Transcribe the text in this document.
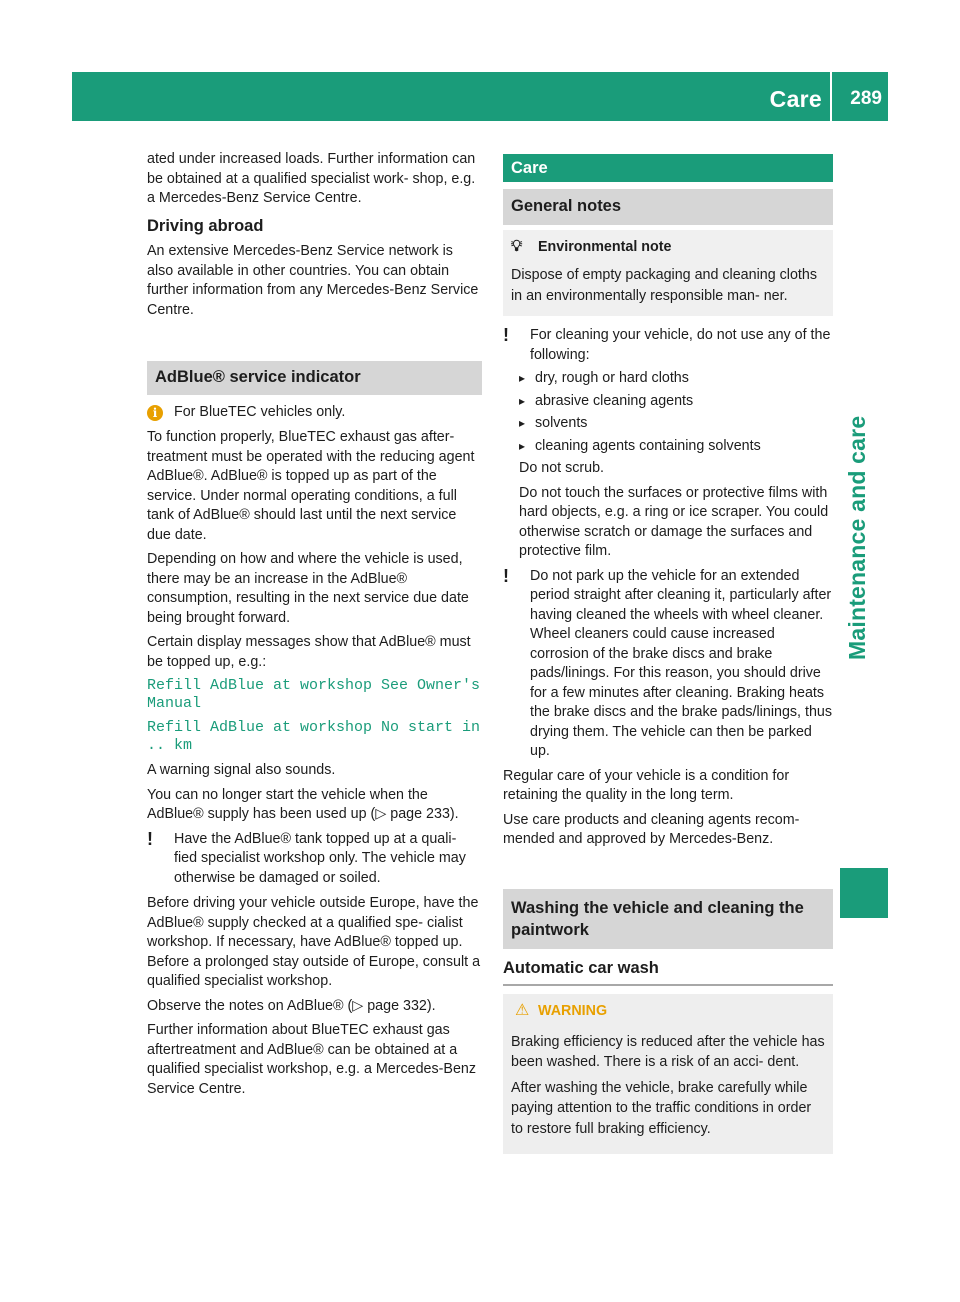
Care 289
Maintenance and care

ated under increased loads. Further information can be obtained at a qualified specialist work- shop, e.g. a Mercedes-Benz Service Centre.

Driving abroad

An extensive Mercedes-Benz Service network is also available in other countries. You can obtain further information from any Mercedes-Benz Service Centre.

AdBlue® service indicator
i	For BlueTEC vehicles only.

To function properly, BlueTEC exhaust gas after- treatment must be operated with the reducing agent AdBlue®. AdBlue® is topped up as part of the service. Under normal operating conditions, a full tank of AdBlue® should last until the next service due date.

Depending on how and where the vehicle is used, there may be an increase in the AdBlue® consumption, resulting in the next service due date being brought forward.

Certain display messages show that AdBlue® must be topped up, e.g.:

Refill AdBlue at workshop See Owner's Manual
Refill AdBlue at workshop No start in .. km

A warning signal also sounds.

You can no longer start the vehicle when the AdBlue® supply has been used up (▷ page 233).

!	Have the AdBlue® tank topped up at a quali- fied specialist workshop only. The vehicle may otherwise be damaged or soiled.

Before driving your vehicle outside Europe, have the AdBlue® supply checked at a qualified spe- cialist workshop. If necessary, have AdBlue® topped up. Before a prolonged stay outside of Europe, consult a qualified specialist workshop.

Observe the notes on AdBlue® (▷ page 332).

Further information about BlueTEC exhaust gas aftertreatment and AdBlue® can be obtained at a qualified specialist workshop, e.g. a Mercedes-Benz Service Centre.

Care
General notes
💡︎ Environmental note
Dispose of empty packaging and cleaning cloths in an environmentally responsible man- ner.
!	For cleaning your vehicle, do not use any of the following:
▸ dry, rough or hard cloths
▸ abrasive cleaning agents
▸ solvents
▸ cleaning agents containing solvents

Do not scrub.

Do not touch the surfaces or protective films with hard objects, e.g. a ring or ice scraper. You could otherwise scratch or damage the surfaces and protective film.

!	Do not park up the vehicle for an extended period straight after cleaning it, particularly after having cleaned the wheels with wheel cleaner. Wheel cleaners could cause increased corrosion of the brake discs and brake pads/linings. For this reason, you should drive for a few minutes after cleaning. Braking heats the brake discs and the brake pads/linings, thus drying them. The vehicle can then be parked up.

Regular care of your vehicle is a condition for retaining the quality in the long term.

Use care products and cleaning agents recom- mended and approved by Mercedes-Benz.

Washing the vehicle and cleaning the paintwork
Automatic car wash
⚠︎ WARNING

Braking efficiency is reduced after the vehicle has been washed. There is a risk of an acci- dent.

After washing the vehicle, brake carefully while paying attention to the traffic conditions in order to restore full braking efficiency.
